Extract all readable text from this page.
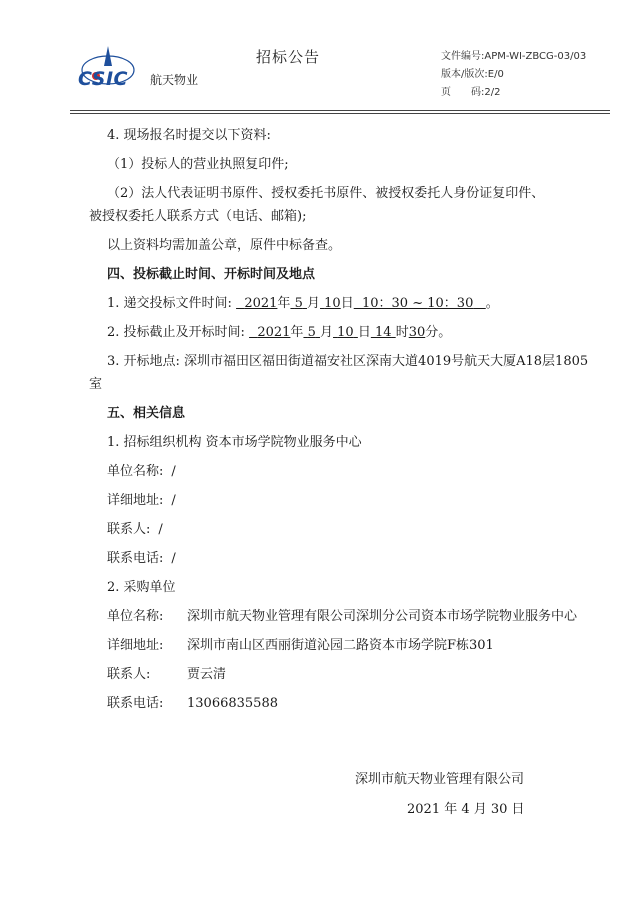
CSIC 航天物业
招标公告	文件编号:APM-WI-ZBCG-03/03
版本/版次:E/0
页　　码:2/2

4. 现场报名时提交以下资料:

（1）投标人的营业执照复印件;

（2）法人代表证明书原件、授权委托书原件、被授权委托人身份证复印件、

被授权委托人联系方式（电话、邮箱);

以上资料均需加盖公章，原件中标备查。

四、投标截止时间、开标时间及地点

1. 递交投标文件时间: 2021年 5 月 10日 10：30 ~ 10：30 。

2. 投标截止及开标时间: 2021年 5 月 10 日 14 时30分。

3. 开标地点: 深圳市福田区福田街道福安社区深南大道4019号航天大厦A18层1805室

五、相关信息

1. 招标组织机构 资本市场学院物业服务中心

单位名称: /
详细地址: /
联系人: /
联系电话: /

2. 采购单位

单位名称:	深圳市航天物业管理有限公司深圳分公司资本市场学院物业服务中心
详细地址:	深圳市南山区西丽街道沁园二路资本市场学院F栋301
联系人:	贾云清
联系电话:	13066835588
深圳市航天物业管理有限公司
2021 年 4 月 30 日
